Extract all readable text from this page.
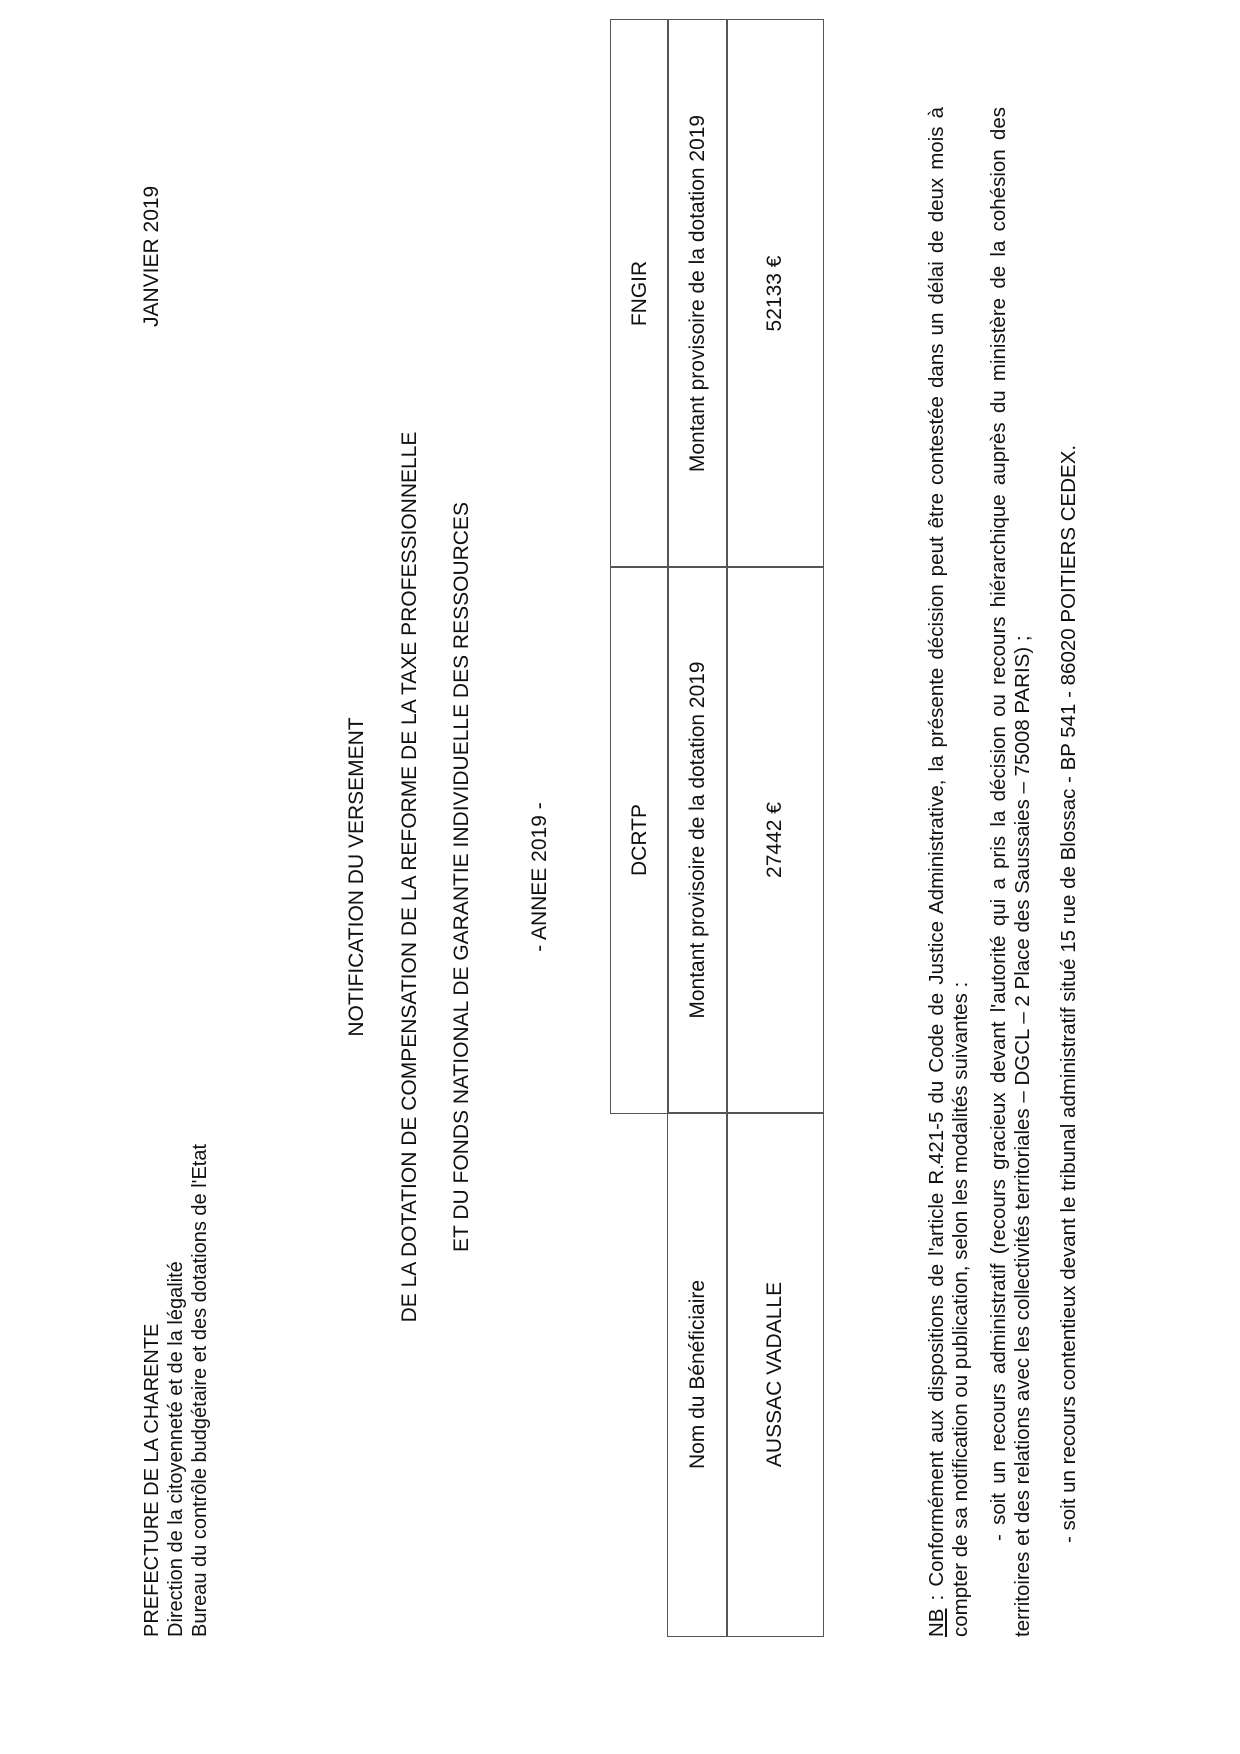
PREFECTURE DE LA CHARENTE Direction de la citoyenneté et de la légalité Bureau du contrôle budgétaire et des dotations de l'Etat
JANVIER 2019
NOTIFICATION DU VERSEMENT DE LA DOTATION DE COMPENSATION DE LA REFORME DE LA TAXE PROFESSIONNELLE ET DU FONDS NATIONAL DE GARANTIE INDIVIDUELLE DES RESSOURCES	- ANNEE 2019 -	DCRTP
FNGIR
Nom du Bénéficiaire
Montant provisoire de la dotation 2019
Montant provisoire de la dotation 2019
AUSSAC VADALLE
27442 €
52133 €

NB : Conformément aux dispositions de l'article R.421-5 du Code de Justice Administrative, la présente décision peut être contestée dans un délai de deux mois à compter de sa notification ou publication, selon les modalités suivantes : - soit un recours administratif (recours gracieux devant l'autorité qui a pris la décision ou recours hiérarchique auprès du ministère de la cohésion des territoires et des relations avec les collectivités territoriales – DGCL – 2 Place des Saussaies – 75008 PARIS) ; - soit un recours contentieux devant le tribunal administratif situé 15 rue de Blossac - BP 541 - 86020 POITIERS CEDEX.
